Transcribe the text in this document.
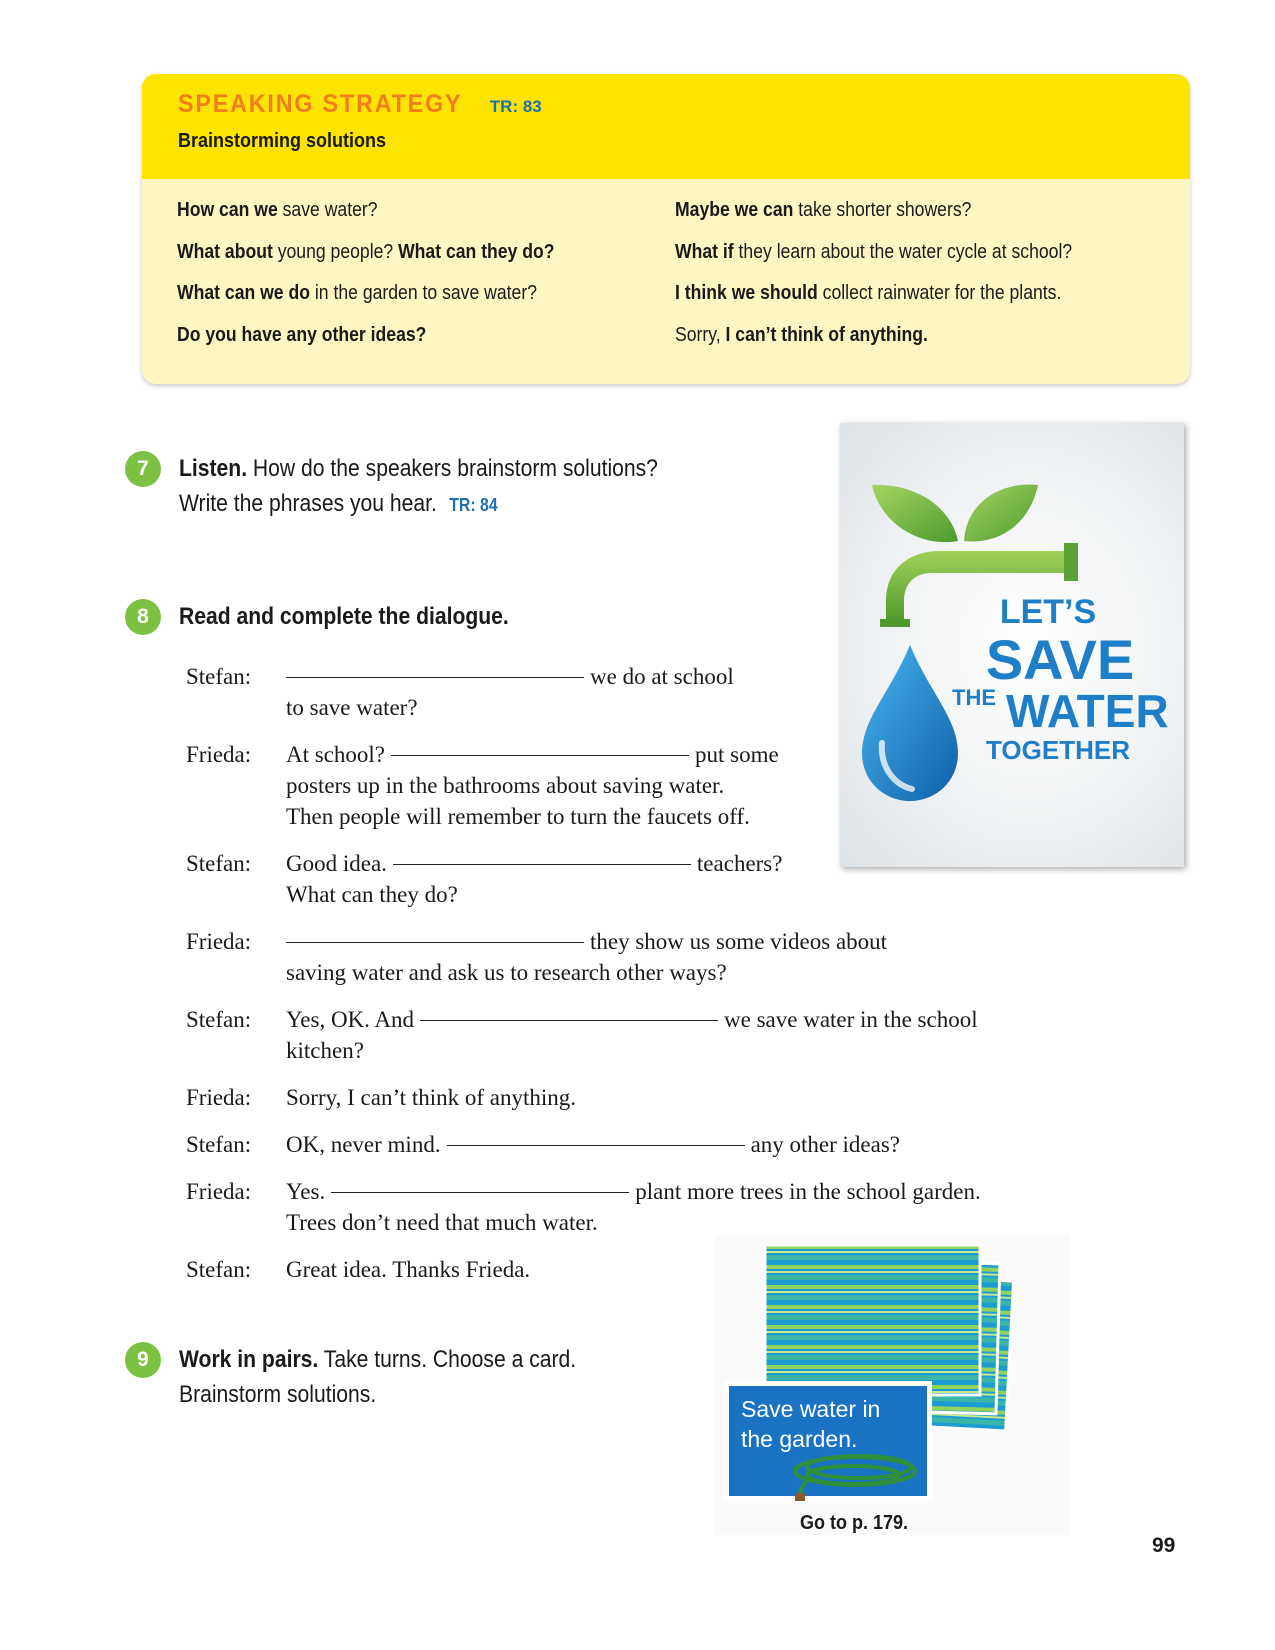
SPEAKING STRATEGY TR: 83
Brainstorming solutions
How can we save water?
What about young people? What can they do?
What can we do in the garden to save water?
Do you have any other ideas?
Maybe we can take shorter showers?
What if they learn about the water cycle at school?
I think we should collect rainwater for the plants.
Sorry, I can’t think of anything.
7	Listen. How do the speakers brainstorm solutions?
Write the phrases you hear. TR: 84
8	Read and complete the dialogue.
Stefan:	we do at school
to save water?
Frieda: At school?	put some
posters up in the bathrooms about saving water.
Then people will remember to turn the faucets off.
Stefan: Good idea.	teachers?
What can they do?
Frieda:	they show us some videos about
saving water and ask us to research other ways?
Stefan: Yes, OK. And	we save water in the school
kitchen?
Frieda: Sorry, I can’t think of anything.
Stefan: OK, never mind.	any other ideas?
Frieda: Yes.	plant more trees in the school garden.
Trees don’t need that much water.
Stefan: Great idea. Thanks Frieda.
LET’S
SAVE
THE WATER
TOGETHER
9	Work in pairs. Take turns. Choose a card.
Brainstorm solutions.
Save water in
the garden.
Go to p. 179.
99
